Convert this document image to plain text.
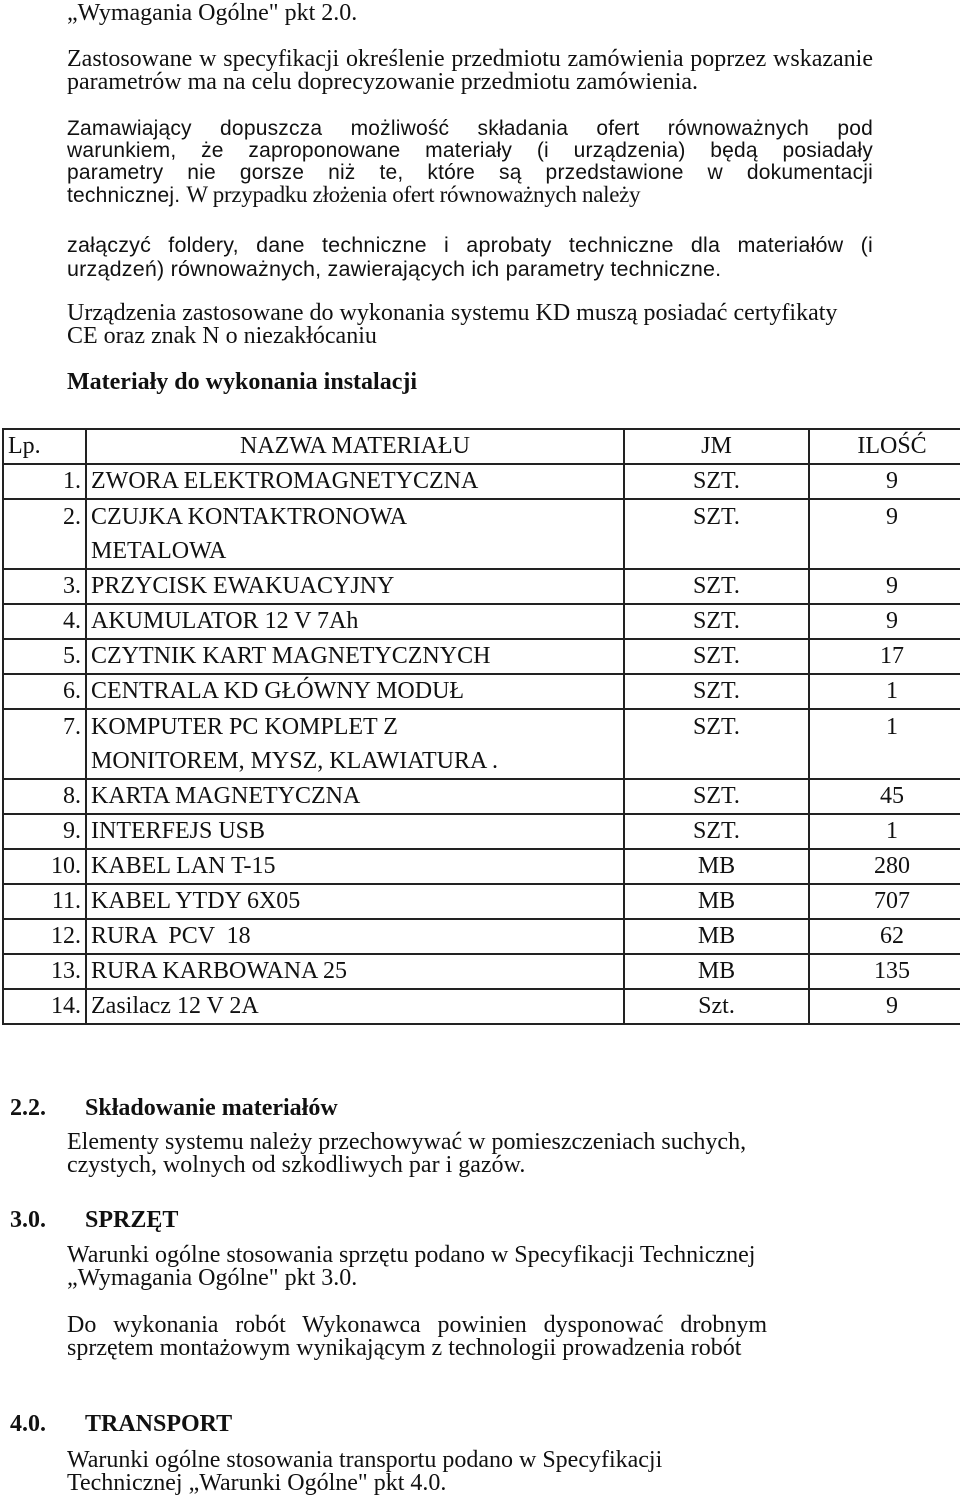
„Wymagania Ogólne" pkt 2.0.

Zastosowane w specyfikacji określenie przedmiotu zamówienia poprzez wskazanie parametrów ma na celu doprecyzowanie przedmiotu zamówienia.

Zamawiający dopuszcza możliwość składania ofert równoważnych pod
warunkiem, że zaproponowane materiały (i urządzenia) będą posiadały
parametry nie gorsze niż te, które są przedstawione w dokumentacji
technicznej. W przypadku złożenia ofert równoważnych należy

załączyć foldery, dane techniczne i aprobaty techniczne dla materiałów (i urządzeń) równoważnych, zawierających ich parametry techniczne.

Urządzenia zastosowane do wykonania systemu KD muszą posiadać certyfikaty CE oraz znak N o niezakłócaniu

Materiały do wykonania instalacji

Lp.	NAZWA MATERIAŁU	JM	ILOŚĆ
1.	ZWORA ELEKTROMAGNETYCZNA	SZT.	9
2.	CZUJKA KONTAKTRONOWA METALOWA	SZT.	9
3.	PRZYCISK EWAKUACYJNY	SZT.	9
4.	AKUMULATOR 12 V 7Ah	SZT.	9
5.	CZYTNIK KART MAGNETYCZNYCH	SZT.	17
6.	CENTRALA KD GŁÓWNY MODUŁ	SZT.	1
7.	KOMPUTER PC KOMPLET Z MONITOREM, MYSZ, KLAWIATURA .	SZT.	1
8.	KARTA MAGNETYCZNA	SZT.	45
9.	INTERFEJS USB	SZT.	1
10.	KABEL LAN T-15	MB	280
11.	KABEL YTDY 6X05	MB	707
12.	RURA  PCV  18	MB	62
13.	RURA KARBOWANA 25	MB	135
14.	Zasilacz 12 V 2A	Szt.	9
2.2. Składowanie materiałów

Elementy systemu należy przechowywać w pomieszczeniach suchych, czystych, wolnych od szkodliwych par i gazów.

3.0. SPRZĘT

Warunki ogólne stosowania sprzętu podano w Specyfikacji Technicznej „Wymagania Ogólne" pkt 3.0.

Do wykonania robót Wykonawca powinien dysponować drobnym sprzętem montażowym wynikającym z technologii prowadzenia robót

4.0. TRANSPORT

Warunki ogólne stosowania transportu podano w Specyfikacji Technicznej „Warunki Ogólne" pkt 4.0.
